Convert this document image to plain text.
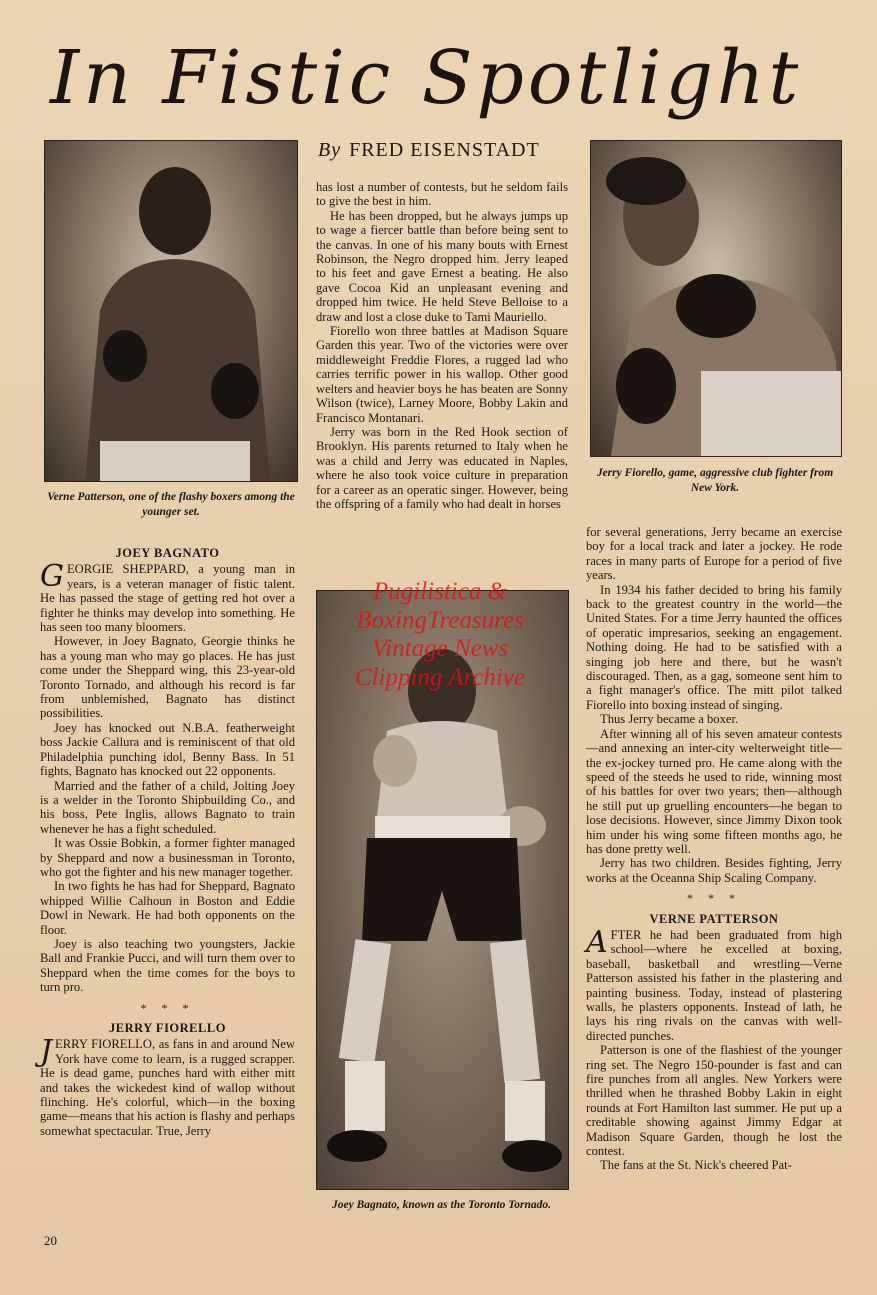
In Fistic Spotlight
By FRED EISENSTADT
Verne Patterson, one of the flashy boxers among the younger set.
Jerry Fiorello, game, aggressive club fighter from New York.
Joey Bagnato, known as the Toronto Tornado.
Pugilistica &
BoxingTreasures
Vintage News
Clipping Archive
JOEY BAGNATO

GEORGIE SHEPPARD, a young man in years, is a veteran manager of fistic talent. He has passed the stage of getting red hot over a fighter he thinks may develop into something. He has seen too many bloomers.

However, in Joey Bagnato, Georgie thinks he has a young man who may go places. He has just come under the Sheppard wing, this 23-year-old Toronto Tornado, and although his record is far from unblemished, Bagnato has distinct possibilities.

Joey has knocked out N.B.A. featherweight boss Jackie Callura and is reminiscent of that old Philadelphia punching idol, Benny Bass. In 51 fights, Bagnato has knocked out 22 opponents.

Married and the father of a child, Jolting Joey is a welder in the Toronto Shipbuilding Co., and his boss, Pete Inglis, allows Bagnato to train whenever he has a fight scheduled.

It was Ossie Bobkin, a former fighter managed by Sheppard and now a businessman in Toronto, who got the fighter and his new manager together.

In two fights he has had for Sheppard, Bagnato whipped Willie Calhoun in Boston and Eddie Dowl in Newark. He had both opponents on the floor.

Joey is also teaching two youngsters, Jackie Ball and Frankie Pucci, and will turn them over to Sheppard when the time comes for the boys to turn pro.

* * *
JERRY FIORELLO

JERRY FIORELLO, as fans in and around New York have come to learn, is a rugged scrapper. He is dead game, punches hard with either mitt and takes the wickedest kind of wallop without flinching. He's colorful, which—in the boxing game—means that his action is flashy and perhaps somewhat spectacular. True, Jerry

has lost a number of contests, but he seldom fails to give the best in him.

He has been dropped, but he always jumps up to wage a fiercer battle than before being sent to the canvas. In one of his many bouts with Ernest Robinson, the Negro dropped him. Jerry leaped to his feet and gave Ernest a beating. He also gave Cocoa Kid an unpleasant evening and dropped him twice. He held Steve Belloise to a draw and lost a close duke to Tami Mauriello.

Fiorello won three battles at Madison Square Garden this year. Two of the victories were over middleweight Freddie Flores, a rugged lad who carries terrific power in his wallop. Other good welters and heavier boys he has beaten are Sonny Wilson (twice), Larney Moore, Bobby Lakin and Francisco Montanari.

Jerry was born in the Red Hook section of Brooklyn. His parents returned to Italy when he was a child and Jerry was educated in Naples, where he also took voice culture in preparation for a career as an operatic singer. However, being the offspring of a family who had dealt in horses

for several generations, Jerry became an exercise boy for a local track and later a jockey. He rode races in many parts of Europe for a period of five years.

In 1934 his father decided to bring his family back to the greatest country in the world—the United States. For a time Jerry haunted the offices of operatic impresarios, seeking an engagement. Nothing doing. He had to be satisfied with a singing job here and there, but he wasn't discouraged. Then, as a gag, someone sent him to a fight manager's office. The mitt pilot talked Fiorello into boxing instead of singing.

Thus Jerry became a boxer.

After winning all of his seven amateur contests—and annexing an inter-city welterweight title—the ex-jockey turned pro. He came along with the speed of the steeds he used to ride, winning most of his battles for over two years; then—although he still put up gruelling encounters—he began to lose decisions. However, since Jimmy Dixon took him under his wing some fifteen months ago, he has done pretty well.

Jerry has two children. Besides fighting, Jerry works at the Oceanna Ship Scaling Company.

* * *
VERNE PATTERSON

AFTER he had been graduated from high school—where he excelled at boxing, baseball, basketball and wrestling—Verne Patterson assisted his father in the plastering and painting business. Today, instead of plastering walls, he plasters opponents. Instead of lath, he lays his ring rivals on the canvas with well-directed punches.

Patterson is one of the flashiest of the younger ring set. The Negro 150-pounder is fast and can fire punches from all angles. New Yorkers were thrilled when he thrashed Bobby Lakin in eight rounds at Fort Hamilton last summer. He put up a creditable showing against Jimmy Edgar at Madison Square Garden, though he lost the contest.

The fans at the St. Nick's cheered Pat-

20
